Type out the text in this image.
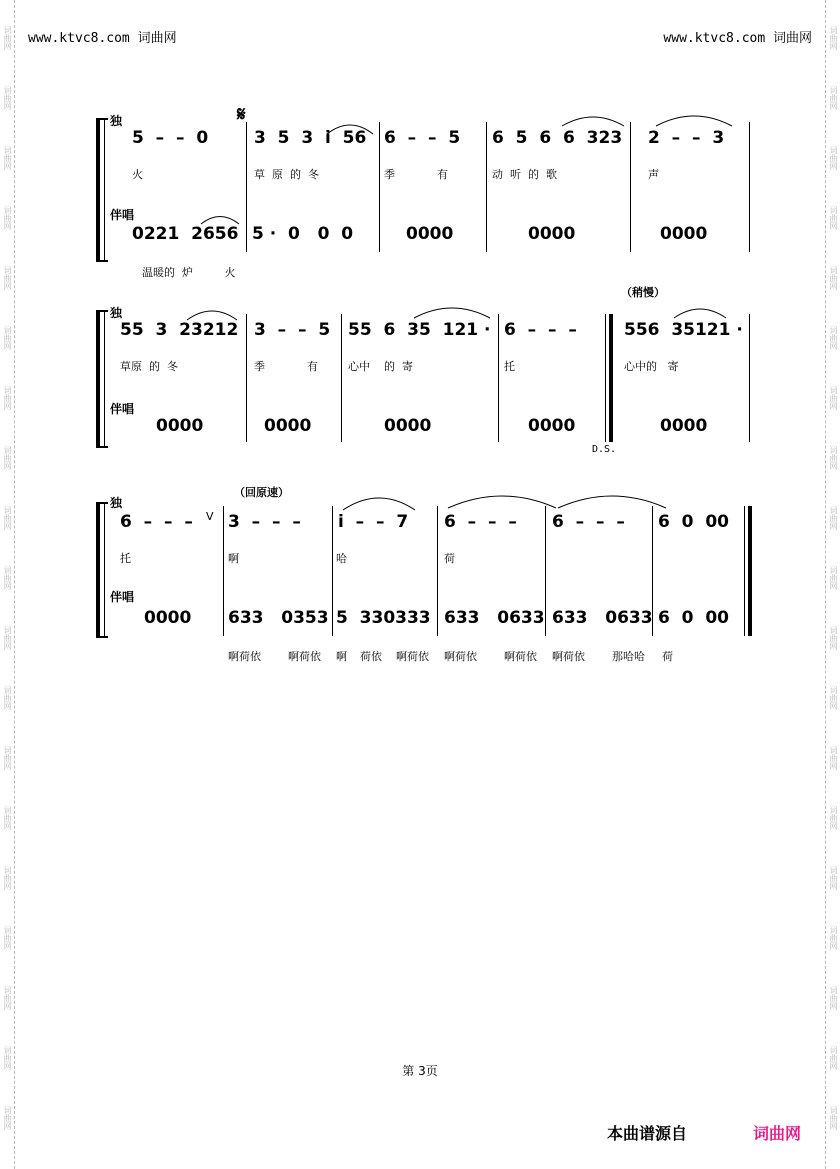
词曲网
词曲网
词曲网
词曲网
词曲网
词曲网
词曲网
词曲网
词曲网
词曲网
词曲网
词曲网
词曲网
词曲网
词曲网
词曲网
词曲网
词曲网
词曲网
词曲网
词曲网
词曲网
词曲网
词曲网
词曲网
词曲网
词曲网
词曲网
词曲网
词曲网
词曲网
词曲网
词曲网
词曲网
词曲网
词曲网
词曲网
词曲网
www.ktvc8.com 词曲网	www.ktvc8.com 词曲网
独
伴唱
𝄋
5  –  –  0	3  5  3  i  56 6  –  –  5 6  5  6  6  323 2  –  –  3
火	草  原  的  冬	季            有	动  听  的  歌	声
0221  2656 5 ·  0   0  0	0000	0000	0000
温暖的  炉         火
（稍慢）
独
伴唱
55  3  23212 3  –  –  5 55  6  35  121 · 6  –  –  –	556  35121 ·
草原  的  冬	季            有	心中    的  寄	托	心中的   寄
0000	0000	0000	0000	0000
D.S.
（回原速）
独
伴唱
V
6  –  –  – 3  –  –  – i  –  –  7 6  –  –  – 6  –  –  – 6  0  00
托	啊	哈	荷
0000 633   0353 5  330333 633   0633 633   0633 6  0  00
啊荷依 啊荷依 啊 荷依 啊荷依 啊荷依 啊荷依 啊荷依 那哈哈 荷
第 3页
本曲谱源自	词曲网
